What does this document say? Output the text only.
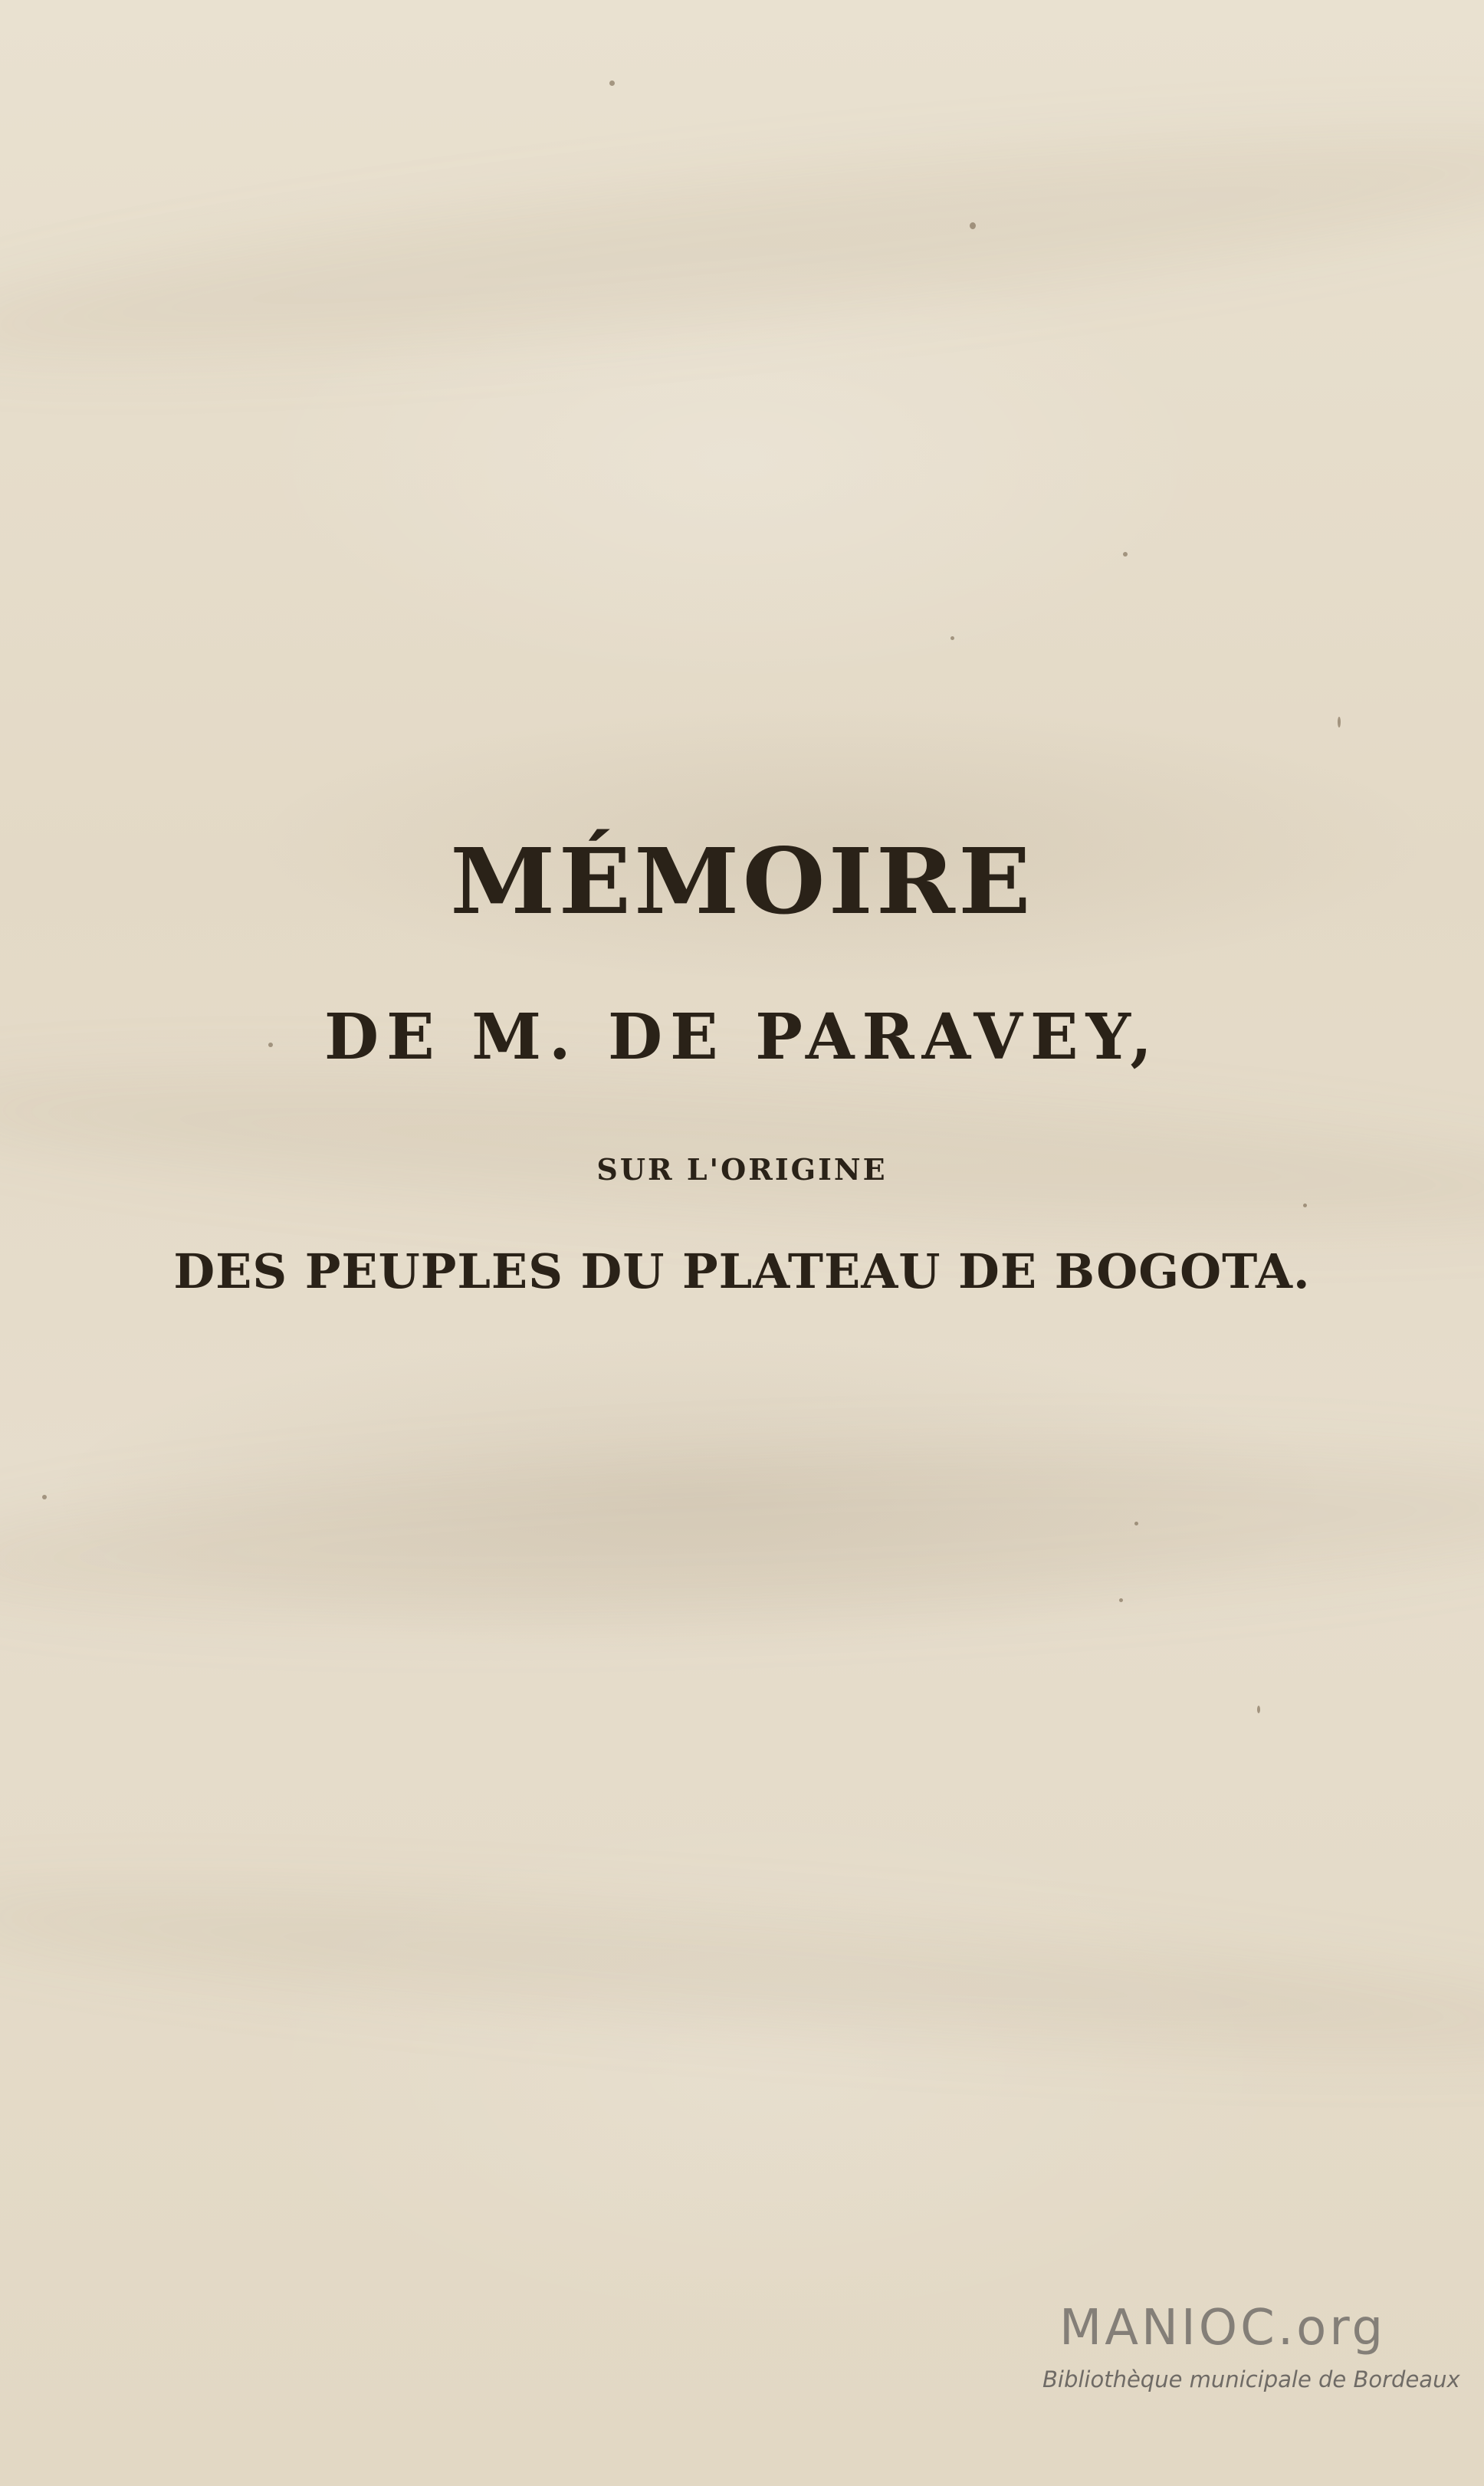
MÉMOIRE
DE M. DE PARAVEY,
SUR L'ORIGINE
DES PEUPLES DU PLATEAU DE BOGOTA.
MANIOC.org
Bibliothèque municipale de Bordeaux
